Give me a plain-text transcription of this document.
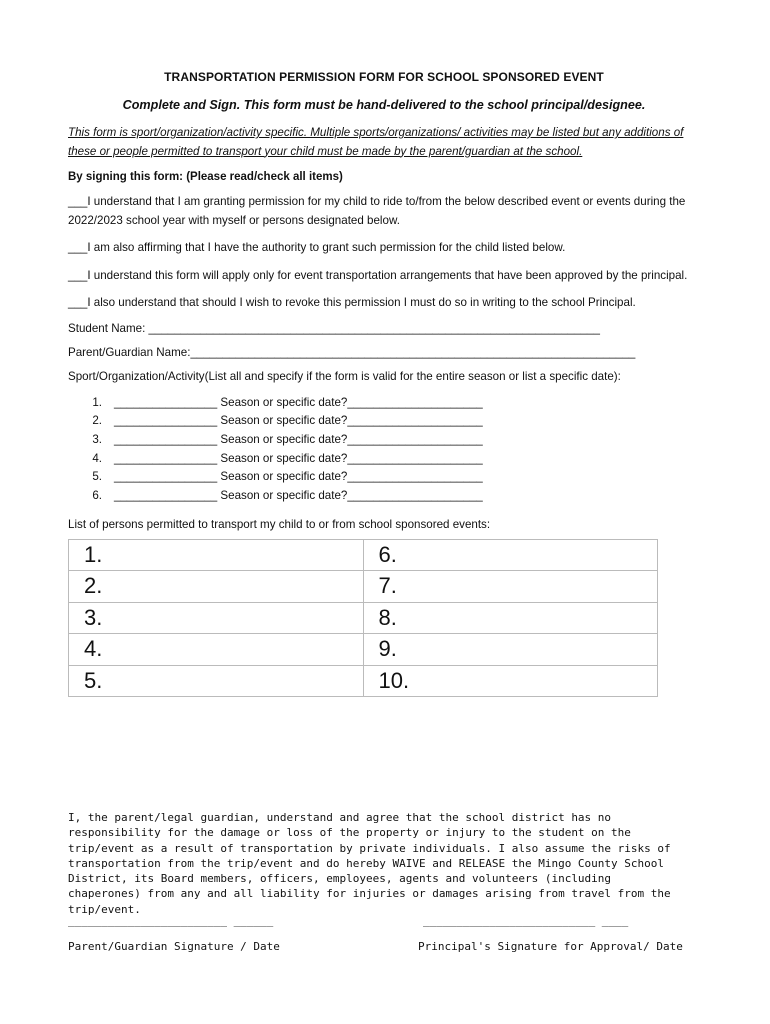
TRANSPORTATION PERMISSION FORM FOR SCHOOL SPONSORED EVENT
Complete and Sign. This form must be hand-delivered to the school principal/designee.
This form is sport/organization/activity specific. Multiple sports/organizations/ activities may be listed but any additions of these or people permitted to transport your child must be made by the parent/guardian at the school.
By signing this form: (Please read/check all items)

___I understand that I am granting permission for my child to ride to/from the below described event or events during the 2022/2023 school year with myself or persons designated below.

___I am also affirming that I have the authority to grant such permission for the child listed below.

___I understand this form will apply only for event transportation arrangements that have been approved by the principal.

___I also understand that should I wish to revoke this permission I must do so in writing to the school Principal.

Student Name: ______________________________________________________________________
Parent/Guardian Name:_____________________________________________________________________
Sport/Organization/Activity(List all and specify if the form is valid for the entire season or list a specific date):
1.	________________ Season or specific date?_____________________
2.	________________ Season or specific date?_____________________
3.	________________ Season or specific date?_____________________
4.	________________ Season or specific date?_____________________
5.	________________ Season or specific date?_____________________
6.	________________ Season or specific date?_____________________
List of persons permitted to transport my child to or from school sponsored events:
1.	6.
2.	7.
3.	8.
4.	9.
5.	10.

I, the parent/legal guardian, understand and agree that the school district has no responsibility for the damage or loss of the property or injury to the student on the trip/event as a result of transportation by private individuals. I also assume the risks of transportation from the trip/event and do hereby WAIVE and RELEASE the Mingo County School District, its Board members, officers, employees, agents and volunteers (including chaperones) from any and all liability for injuries or damages arising from travel from the trip/event.

________________________ ______	__________________________ ____
Parent/Guardian Signature / Date	Principal's Signature for Approval/ Date
